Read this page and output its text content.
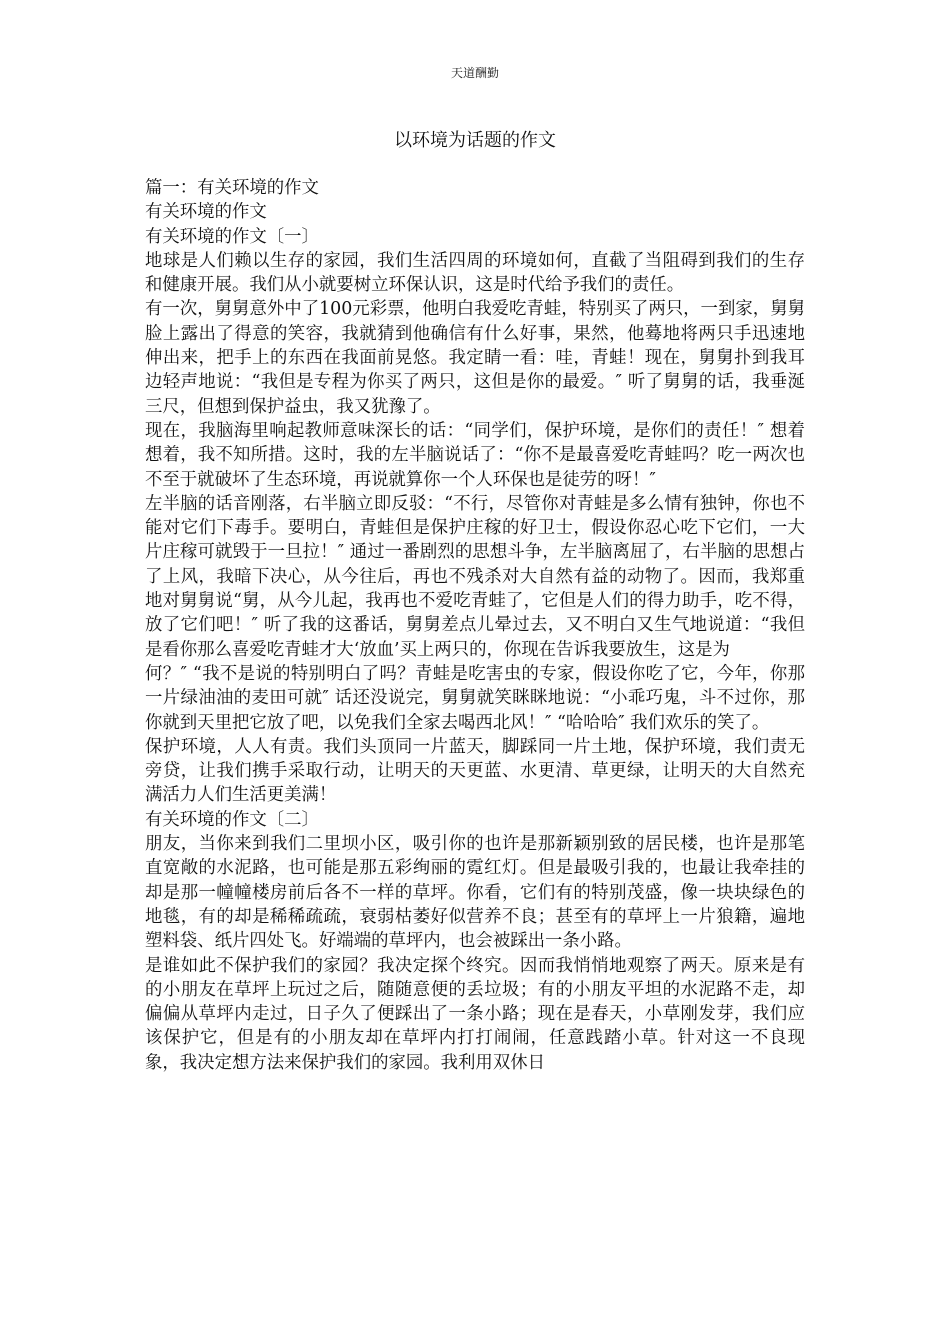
天道酬勤
以环境为话题的作文

篇一：有关环境的作文

有关环境的作文

有关环境的作文〔一〕

地球是人们赖以生存的家园，我们生活四周的环境如何，直截了当阻碍到我们的生存和健康开展。我们从小就要树立环保认识，这是时代给予我们的责任。

有一次，舅舅意外中了100元彩票，他明白我爱吃青蛙，特别买了两只，一到家，舅舅脸上露出了得意的笑容，我就猜到他确信有什么好事，果然，他蓦地将两只手迅速地伸出来，把手上的东西在我面前晃悠。我定睛一看：哇，青蛙！现在，舅舅扑到我耳边轻声地说：“我但是专程为你买了两只，这但是你的最爱。″ 听了舅舅的话，我垂涎三尺，但想到保护益虫，我又犹豫了。

现在，我脑海里响起教师意味深长的话：“同学们，保护环境，是你们的责任！″ 想着想着，我不知所措。这时，我的左半脑说话了：“你不是最喜爱吃青蛙吗？吃一两次也不至于就破坏了生态环境，再说就算你一个人环保也是徒劳的呀！″

左半脑的话音刚落，右半脑立即反驳：“不行，尽管你对青蛙是多么情有独钟，你也不能对它们下毒手。要明白，青蛙但是保护庄稼的好卫士，假设你忍心吃下它们，一大片庄稼可就毁于一旦拉！″ 通过一番剧烈的思想斗争，左半脑离屈了，右半脑的思想占了上风，我暗下决心，从今往后，再也不残杀对大自然有益的动物了。因而，我郑重地对舅舅说“舅，从今儿起，我再也不爱吃青蛙了，它但是人们的得力助手，吃不得，放了它们吧！″ 听了我的这番话，舅舅差点儿晕过去，又不明白又生气地说道：“我但是看你那么喜爱吃青蛙才大‘放血’买上两只的，你现在告诉我要放生，这是为

何？″ “我不是说的特别明白了吗？青蛙是吃害虫的专家，假设你吃了它，今年，你那一片绿油油的麦田可就″ 话还没说完，舅舅就笑眯眯地说：“小乖巧鬼，斗不过你，那你就到天里把它放了吧，以免我们全家去喝西北风！″ “哈哈哈″ 我们欢乐的笑了。

保护环境，人人有责。我们头顶同一片蓝天，脚踩同一片土地，保护环境，我们责无旁贷，让我们携手采取行动，让明天的天更蓝、水更清、草更绿，让明天的大自然充满活力人们生活更美满！

有关环境的作文〔二〕

朋友，当你来到我们二里坝小区，吸引你的也许是那新颖别致的居民楼，也许是那笔直宽敞的水泥路，也可能是那五彩绚丽的霓红灯。但是最吸引我的，也最让我牵挂的却是那一幢幢楼房前后各不一样的草坪。你看，它们有的特别茂盛，像一块块绿色的地毯，有的却是稀稀疏疏，衰弱枯萎好似营养不良；甚至有的草坪上一片狼籍，遍地塑料袋、纸片四处飞。好端端的草坪内，也会被踩出一条小路。

是谁如此不保护我们的家园？我决定探个终究。因而我悄悄地观察了两天。原来是有的小朋友在草坪上玩过之后，随随意便的丢垃圾；有的小朋友平坦的水泥路不走，却偏偏从草坪内走过，日子久了便踩出了一条小路；现在是春天，小草刚发芽，我们应该保护它，但是有的小朋友却在草坪内打打闹闹，任意践踏小草。针对这一不良现象，我决定想方法来保护我们的家园。我利用双休日
